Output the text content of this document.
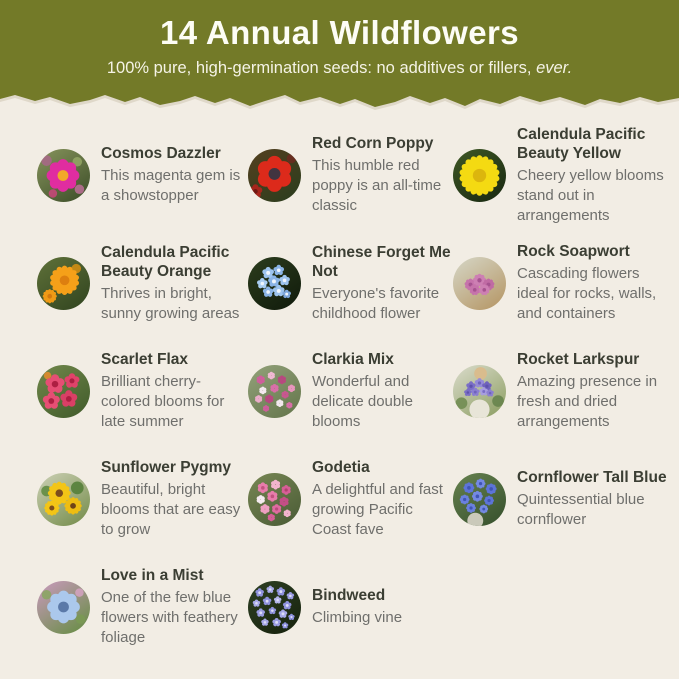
14 Annual Wildflowers

100% pure, high-germination seeds: no additives or fillers, ever.

Cosmos Dazzler
This magenta gem is a showstopper
Red Corn Poppy
This humble red poppy is an all-time classic
Calendula Pacific Beauty Yellow
Cheery yellow blooms stand out in arrangements
Calendula Pacific Beauty Orange
Thrives in bright, sunny growing areas
Chinese Forget Me Not
Everyone's favorite childhood flower
Rock Soapwort
Cascading flowers ideal for rocks, walls, and containers
Scarlet Flax
Brilliant cherry-colored blooms for late summer
Clarkia Mix
Wonderful and delicate double blooms
Rocket Larkspur
Amazing presence in fresh and dried arrangements
Sunflower Pygmy
Beautiful, bright blooms that are easy to grow
Godetia
A delightful and fast growing Pacific Coast fave
Cornflower Tall Blue
Quintessential blue cornflower
Love in a Mist
One of the few blue flowers with feathery foliage
Bindweed
Climbing vine
